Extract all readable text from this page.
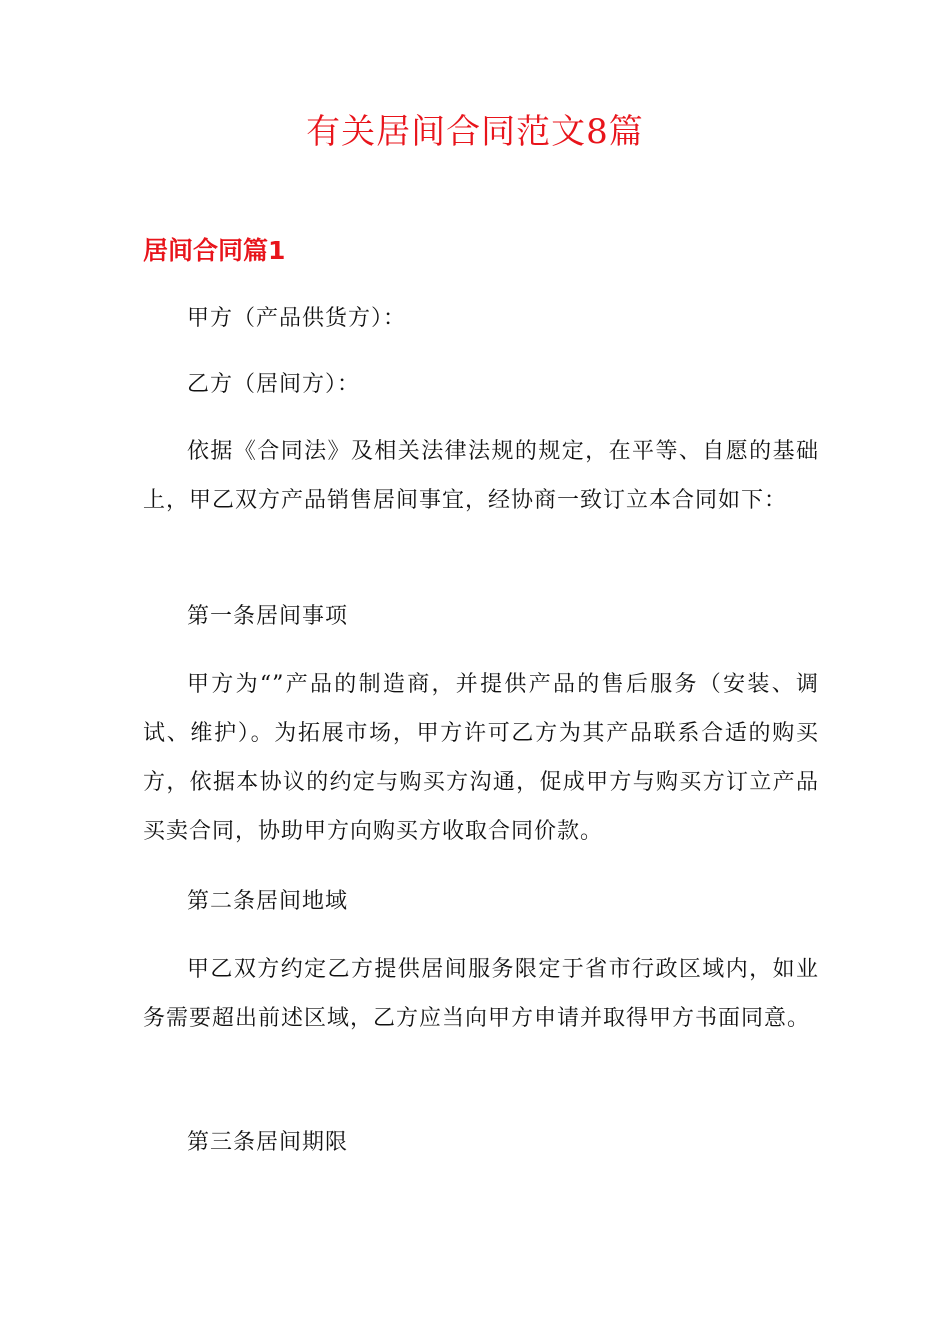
有关居间合同范文8篇
居间合同篇1

甲方（产品供货方）：

乙方（居间方）：

依据《合同法》及相关法律法规的规定，在平等、自愿的基础上，甲乙双方产品销售居间事宜，经协商一致订立本合同如下：

第一条居间事项

甲方为“”产品的制造商，并提供产品的售后服务（安装、调试、维护）。为拓展市场，甲方许可乙方为其产品联系合适的购买方，依据本协议的约定与购买方沟通，促成甲方与购买方订立产品买卖合同，协助甲方向购买方收取合同价款。

第二条居间地域

甲乙双方约定乙方提供居间服务限定于省市行政区域内，如业务需要超出前述区域，乙方应当向甲方申请并取得甲方书面同意。

第三条居间期限
